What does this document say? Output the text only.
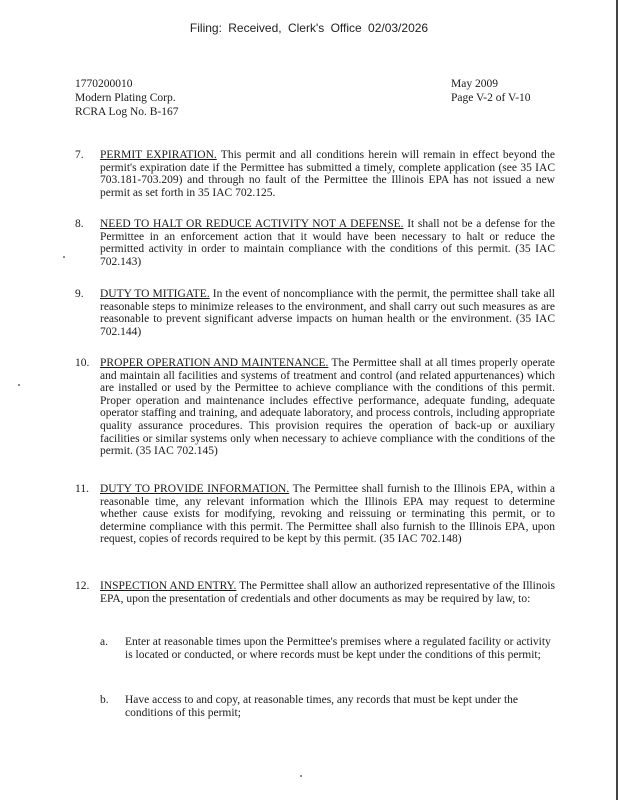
Filing: Received, Clerk's Office 02/03/2026
1770200010
Modern Plating Corp.
RCRA Log No. B-167
May 2009
Page V-2 of V-10
7. PERMIT EXPIRATION. This permit and all conditions herein will remain in effect beyond the permit's expiration date if the Permittee has submitted a timely, complete application (see 35 IAC 703.181-703.209) and through no fault of the Permittee the Illinois EPA has not issued a new permit as set forth in 35 IAC 702.125.
8. NEED TO HALT OR REDUCE ACTIVITY NOT A DEFENSE. It shall not be a defense for the Permittee in an enforcement action that it would have been necessary to halt or reduce the permitted activity in order to maintain compliance with the conditions of this permit. (35 IAC 702.143)
9. DUTY TO MITIGATE. In the event of noncompliance with the permit, the permittee shall take all reasonable steps to minimize releases to the environment, and shall carry out such measures as are reasonable to prevent significant adverse impacts on human health or the environment. (35 IAC 702.144)
10. PROPER OPERATION AND MAINTENANCE. The Permittee shall at all times properly operate and maintain all facilities and systems of treatment and control (and related appurtenances) which are installed or used by the Permittee to achieve compliance with the conditions of this permit. Proper operation and maintenance includes effective performance, adequate funding, adequate operator staffing and training, and adequate laboratory, and process controls, including appropriate quality assurance procedures. This provision requires the operation of back-up or auxiliary facilities or similar systems only when necessary to achieve compliance with the conditions of the permit. (35 IAC 702.145)
11. DUTY TO PROVIDE INFORMATION. The Permittee shall furnish to the Illinois EPA, within a reasonable time, any relevant information which the Illinois EPA may request to determine whether cause exists for modifying, revoking and reissuing or terminating this permit, or to determine compliance with this permit. The Permittee shall also furnish to the Illinois EPA, upon request, copies of records required to be kept by this permit. (35 IAC 702.148)
12. INSPECTION AND ENTRY. The Permittee shall allow an authorized representative of the Illinois EPA, upon the presentation of credentials and other documents as may be required by law, to:
a. Enter at reasonable times upon the Permittee's premises where a regulated facility or activity is located or conducted, or where records must be kept under the conditions of this permit;
b. Have access to and copy, at reasonable times, any records that must be kept under the conditions of this permit;
